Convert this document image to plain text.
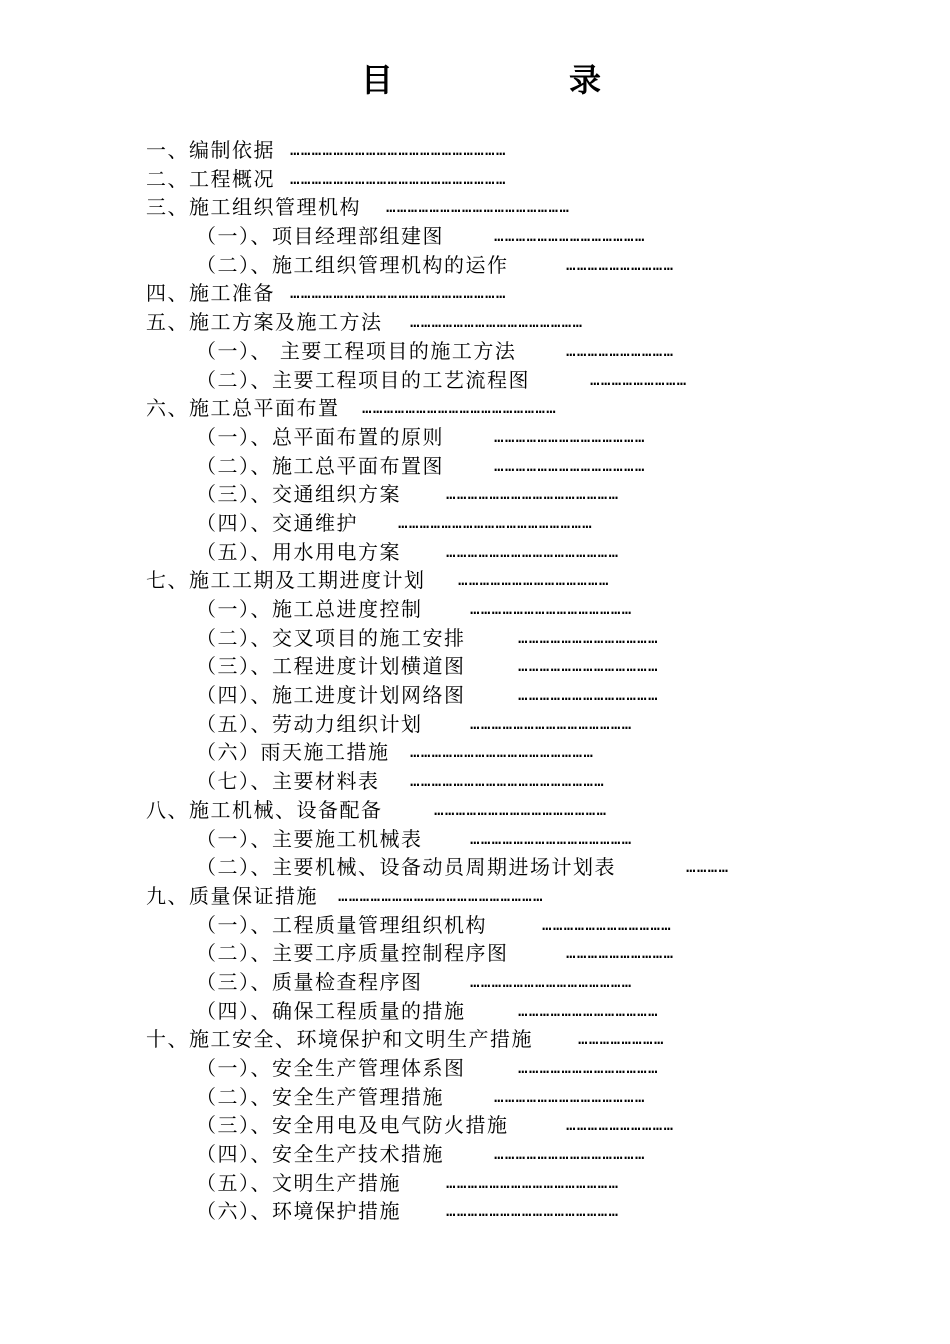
目　录
一、编制依据 ……………………………………………………
二、工程概况 ……………………………………………………
三、施工组织管理机构 ……………………………………………
（一）、项目经理部组建图	……………………………………
（二）、施工组织管理机构的运作	…………………………
四、施工准备 ……………………………………………………
五、施工方案及施工方法 …………………………………………
（一）、 主要工程项目的施工方法	…………………………
（二）、主要工程项目的工艺流程图	………………………
六、施工总平面布置 ………………………………………………
（一）、总平面布置的原则	……………………………………
（二）、施工总平面布置图	……………………………………
（三）、交通组织方案	…………………………………………
（四）、交通维护	………………………………………………
（五）、用水用电方案	…………………………………………
七、施工工期及工期进度计划 ……………………………………
（一）、施工总进度控制	………………………………………
（二）、交叉项目的施工安排	…………………………………
（三）、工程进度计划横道图	…………………………………
（四）、施工进度计划网络图	…………………………………
（五）、劳动力组织计划	………………………………………
（六）雨天施工措施 ……………………………………………
（七）、主要材料表 ………………………………………………
八、施工机械、设备配备	…………………………………………
（一）、主要施工机械表	………………………………………
（二）、主要机械、设备动员周期进场计划表	…………
九、质量保证措施 …………………………………………………
（一）、工程质量管理组织机构	………………………………
（二）、主要工序质量控制程序图	…………………………
（三）、质量检查程序图	………………………………………
（四）、确保工程质量的措施	…………………………………
十、施工安全、环境保护和文明生产措施	……………………
（一）、安全生产管理体系图	…………………………………
（二）、安全生产管理措施	……………………………………
（三）、安全用电及电气防火措施	…………………………
（四）、安全生产技术措施	……………………………………
（五）、文明生产措施	…………………………………………
（六）、环境保护措施	…………………………………………
